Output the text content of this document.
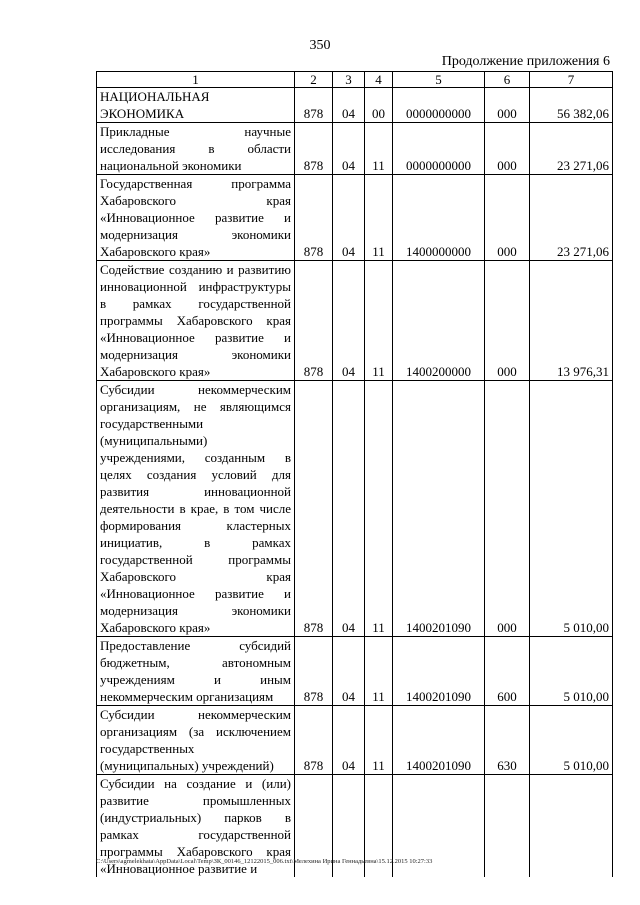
350
Продолжение приложения 6
1	2	3	4	5	6	7
НАЦИОНАЛЬНАЯ ЭКОНОМИКА	878	04	00	0000000000	000	56 382,06
Прикладные научные исследования в области национальной экономики	878	04	11	0000000000	000	23 271,06
Государственная программа Хабаровского края «Инновационное развитие и модернизация экономики Хабаровского края»	878	04	11	1400000000	000	23 271,06
Содействие созданию и развитию инновационной инфраструктуры в рамках государственной программы Хабаровского края «Инновационное развитие и модернизация экономики Хабаровского края»	878	04	11	1400200000	000	13 976,31
Субсидии некоммерческим организациям, не являющимся государственными (муниципальными) учреждениями, созданным в целях создания условий для развития инновационной деятельности в крае, в том числе формирования кластерных инициатив, в рамках государственной программы Хабаровского края «Инновационное развитие и модернизация экономики Хабаровского края»	878	04	11	1400201090	000	5 010,00
Предоставление субсидий бюджетным, автономным учреждениям и иным некоммерческим организациям	878	04	11	1400201090	600	5 010,00
Субсидии некоммерческим организациям (за исключением государственных (муниципальных) учреждений)	878	04	11	1400201090	630	5 010,00
Субсидии на создание и (или) развитие промышленных (индустриальных) парков в рамках государственной программы Хабаровского края «Инновационное развитие и						
C:\Users\agmelekhata\AppData\Local\Temp\ЗК_00146_12122015_006.txt\Мелехина Ирина Геннадьевна\15.12.2015 10:27:33
